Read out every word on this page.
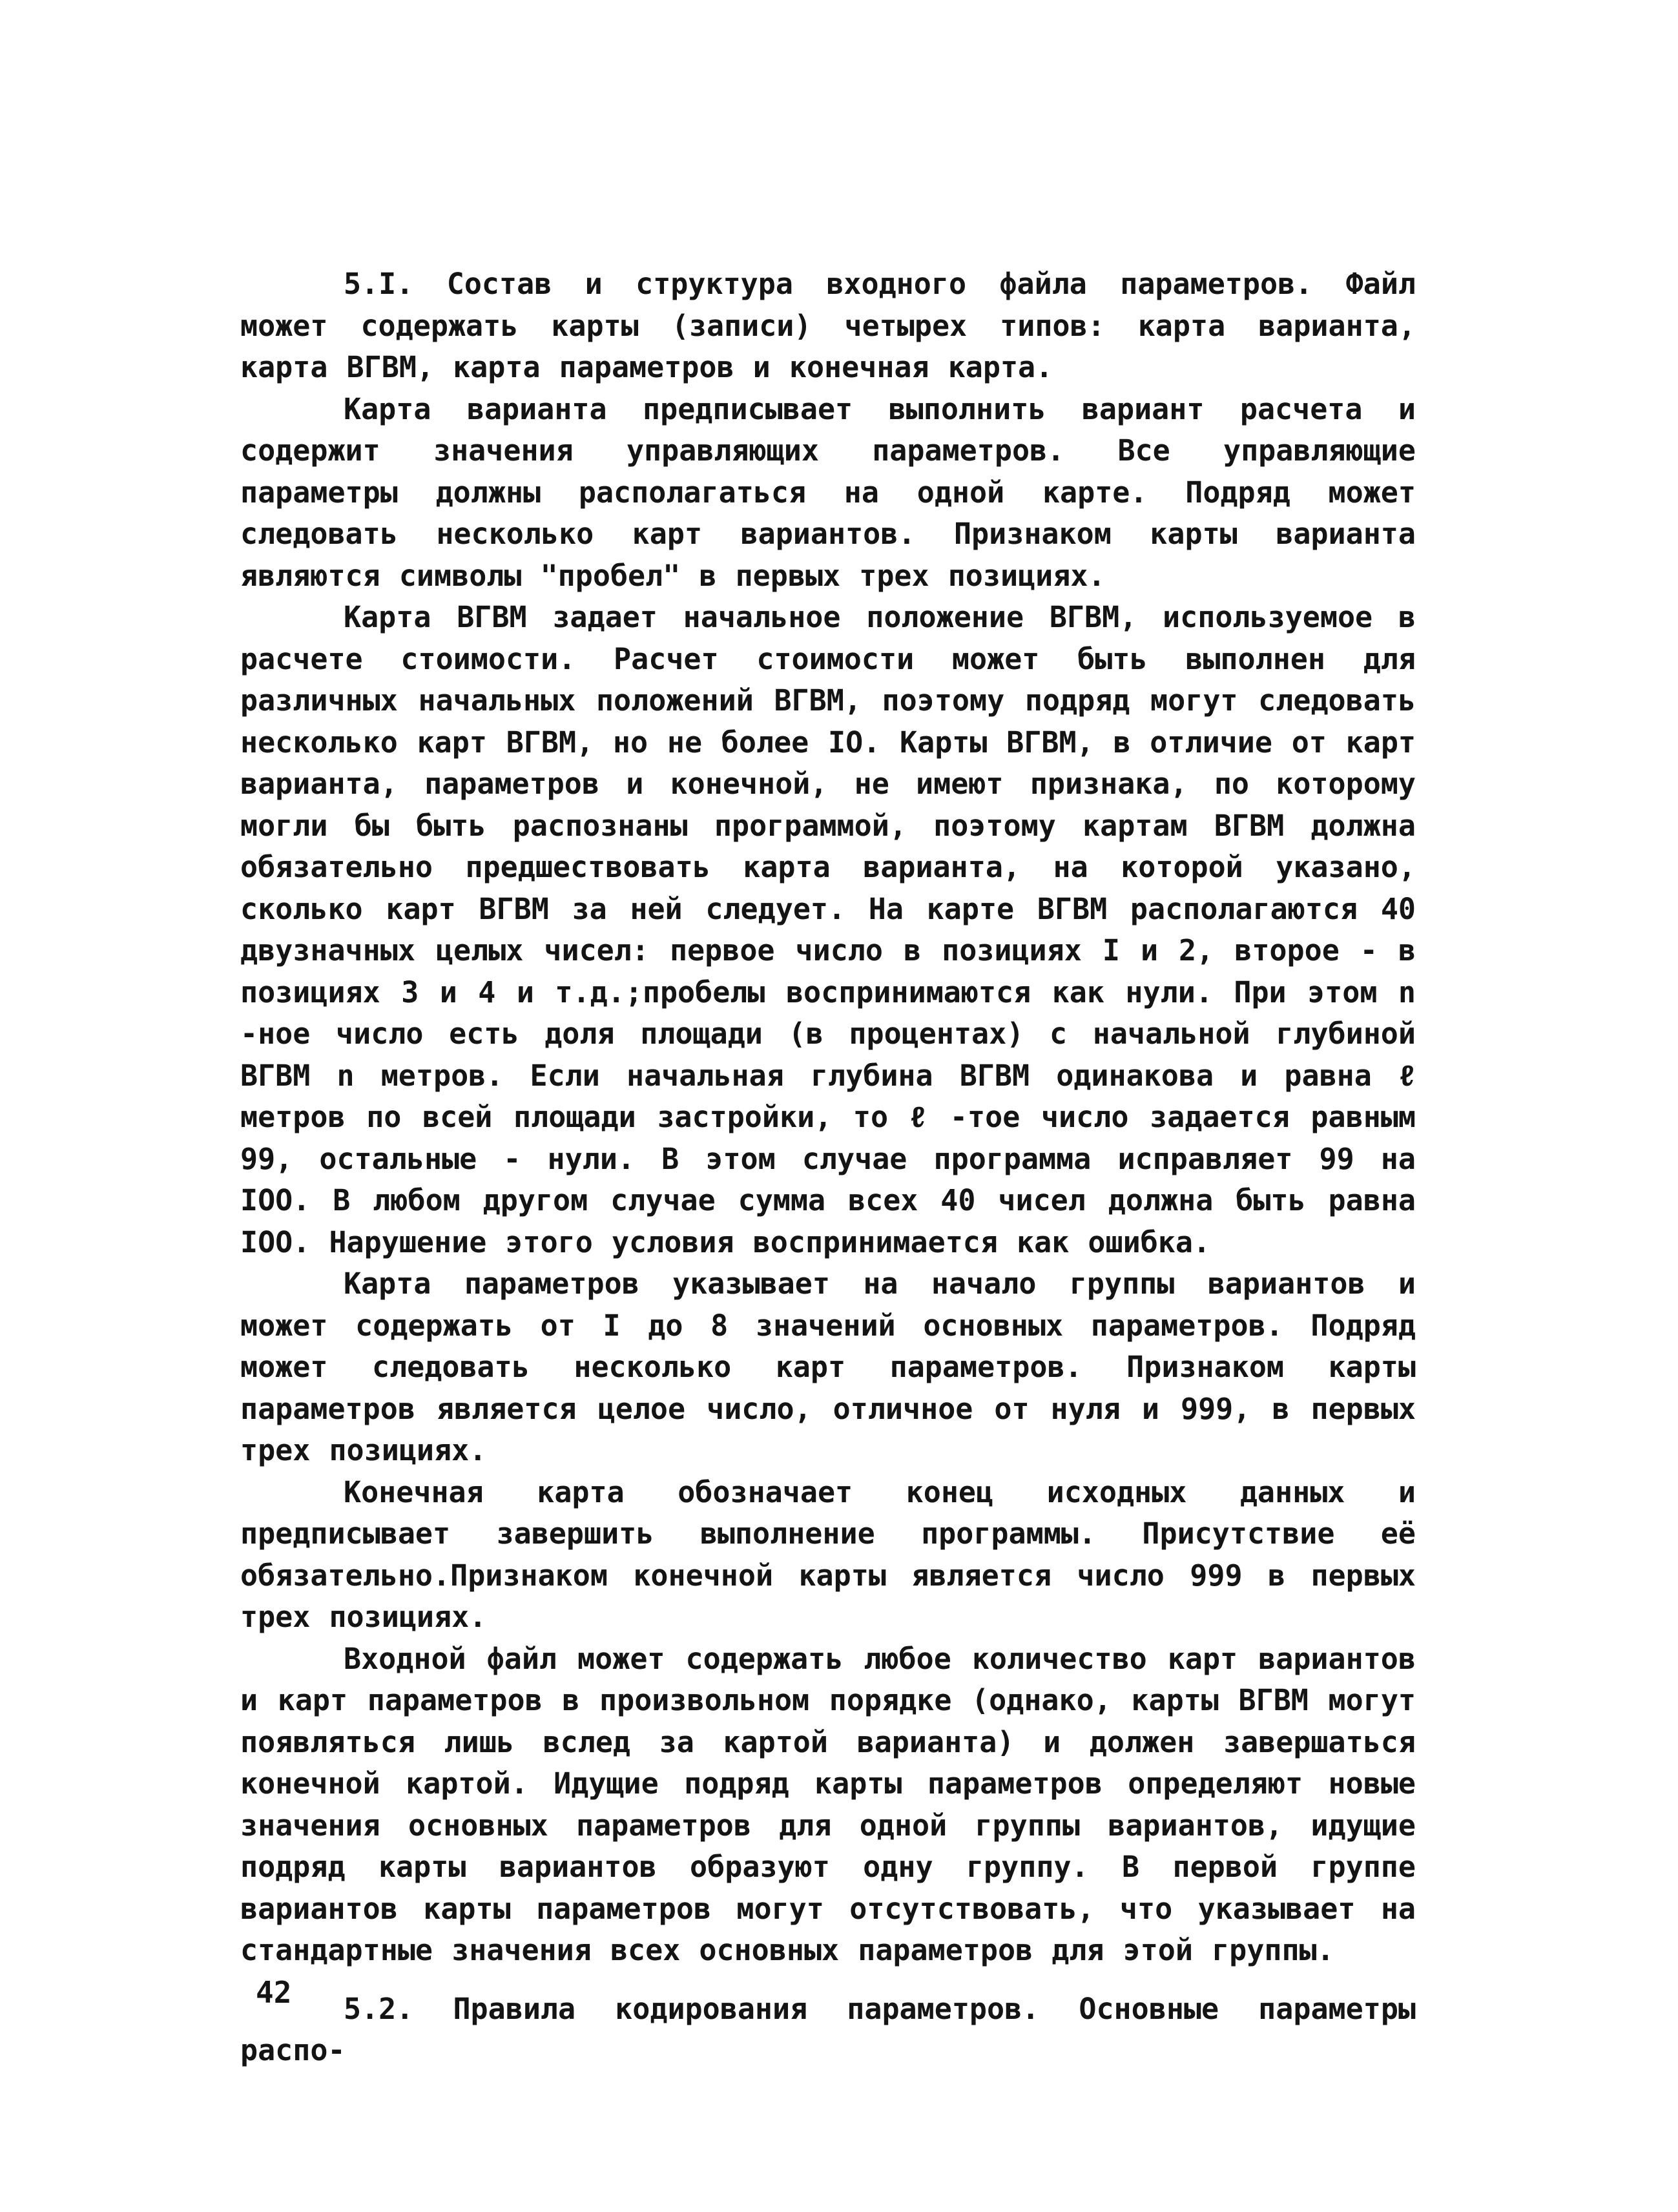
5.I. Состав и структура входного файла параметров. Файл может содержать карты (записи) четырех типов: карта варианта, карта ВГВМ, карта параметров и конечная карта.

Карта варианта предписывает выполнить вариант расчета и содержит значения управляющих параметров. Все управляющие параметры должны располагаться на одной карте. Подряд может следовать несколько карт вариантов. Признаком карты варианта являются символы "пробел" в первых трех позициях.

Карта ВГВМ задает начальное положение ВГВМ, используемое в расчете стоимости. Расчет стоимости может быть выполнен для различных начальных положений ВГВМ, поэтому подряд могут следовать несколько карт ВГВМ, но не более IO. Карты ВГВМ, в отличие от карт варианта, параметров и конечной, не имеют признака, по которому могли бы быть распознаны программой, поэтому картам ВГВМ должна обязательно предшествовать карта варианта, на которой указано, сколько карт ВГВМ за ней следует. На карте ВГВМ располагаются 40 двузначных целых чисел: первое число в позициях I и 2, второе - в позициях 3 и 4 и т.д.;пробелы воспринимаются как нули. При этом n -ное число есть доля площади (в процентах) с начальной глубиной ВГВМ n метров. Если начальная глубина ВГВМ одинакова и равна ℓ метров по всей площади застройки, то ℓ -тое число задается равным 99, остальные - нули. В этом случае программа исправляет 99 на IOO. В любом другом случае сумма всех 40 чисел должна быть равна IOO. Нарушение этого условия воспринимается как ошибка.

Карта параметров указывает на начало группы вариантов и может содержать от I до 8 значений основных параметров. Подряд может следовать несколько карт параметров. Признаком карты параметров является целое число, отличное от нуля и 999, в первых трех позициях.

Конечная карта обозначает конец исходных данных и предписывает завершить выполнение программы. Присутствие её обязательно.Признаком конечной карты является число 999 в первых трех позициях.

Входной файл может содержать любое количество карт вариантов и карт параметров в произвольном порядке (однако, карты ВГВМ могут появляться лишь вслед за картой варианта) и должен завершаться конечной картой. Идущие подряд карты параметров определяют новые значения основных параметров для одной группы вариантов, идущие подряд карты вариантов образуют одну группу. В первой группе вариантов карты параметров могут отсутствовать, что указывает на стандартные значения всех основных параметров для этой группы.

5.2. Правила кодирования параметров. Основные параметры распо-

42
